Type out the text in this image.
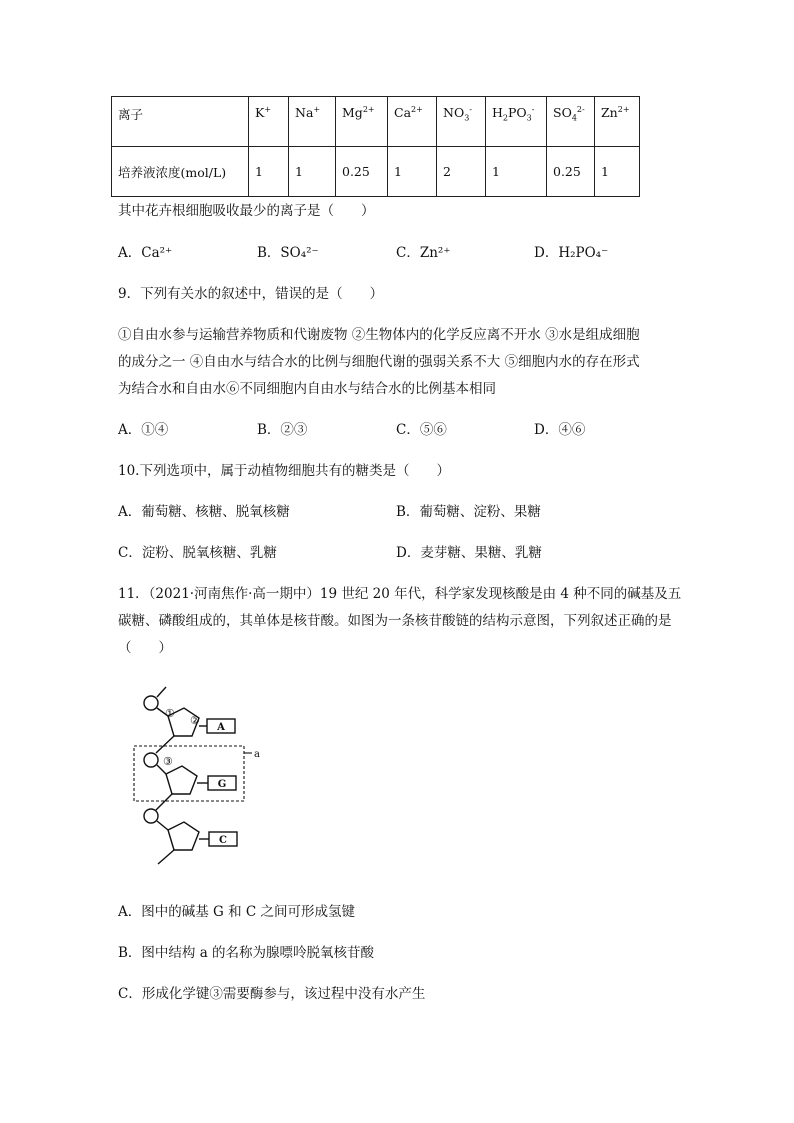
离子	K+	Na+	$Mg^{2+}$	$Ca^{2+}$	$NO_3^-$	$H_2PO_3^-$	$SO_4^{2-}$	$Zn^{2+}$
培养液浓度(mol/L)	1	1	0.25	1	2	1	0.25	1
其中花卉根细胞吸收最少的离子是（　　）
A．Ca²⁺	B．SO₄²⁻	C．Zn²⁺	D．H₂PO₄⁻
9．下列有关水的叙述中，错误的是（　　）
①自由水参与运输营养物质和代谢废物 ②生物体内的化学反应离不开水 ③水是组成细胞
的成分之一 ④自由水与结合水的比例与细胞代谢的强弱关系不大 ⑤细胞内水的存在形式
为结合水和自由水⑥不同细胞内自由水与结合水的比例基本相同
A．①④	B．②③	C．⑤⑥	D．④⑥
10.下列选项中，属于动植物细胞共有的糖类是（　　）
A．葡萄糖、核糖、脱氧核糖	B．葡萄糖、淀粉、果糖
C．淀粉、脱氧核糖、乳糖	D．麦芽糖、果糖、乳糖
11．（2021·河南焦作·高一期中）19 世纪 20 年代，科学家发现核酸是由 4 种不同的碱基及五
碳糖、磷酸组成的，其单体是核苷酸。如图为一条核苷酸链的结构示意图，下列叙述正确的是
（　　）
A
①
②
③
a
G
C
A．图中的碱基 G 和 C 之间可形成氢键
B．图中结构 a 的名称为腺嘌呤脱氧核苷酸
C．形成化学键③需要酶参与，该过程中没有水产生
